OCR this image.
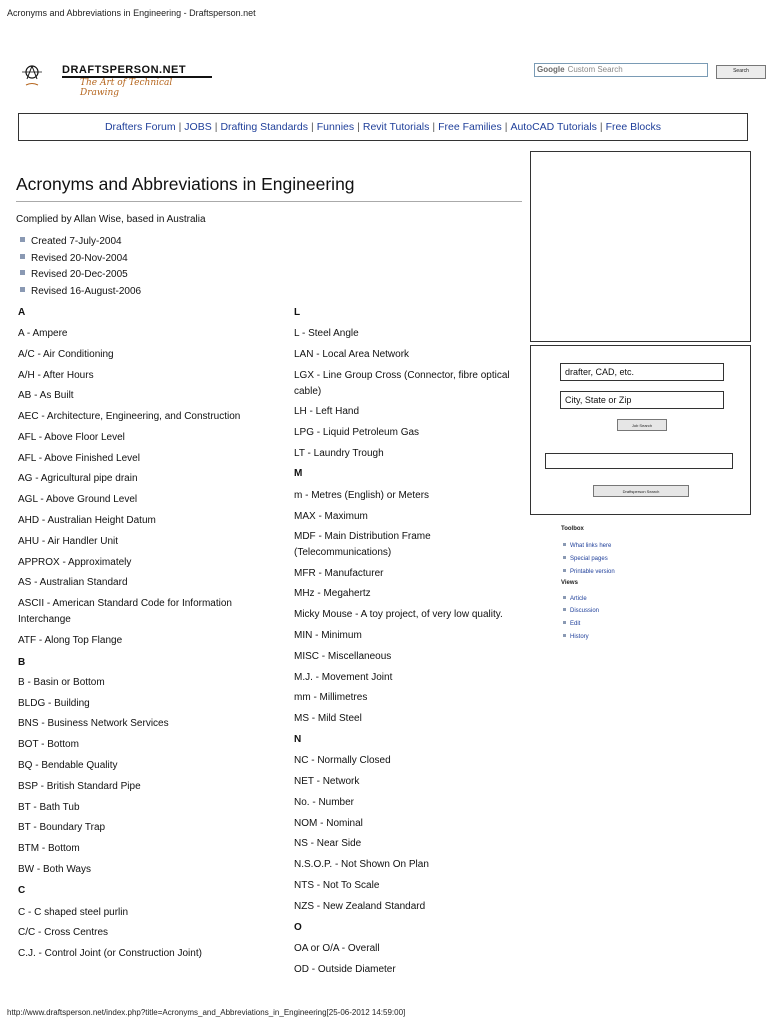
Acronyms and Abbreviations in Engineering - Draftsperson.net
DRAFTSPERSON.NET
The Art of Technical Drawing
Google Custom Search	Search
Drafters Forum | JOBS | Drafting Standards | Funnies | Revit Tutorials | Free Families | AutoCAD Tutorials | Free Blocks
Acronyms and Abbreviations in Engineering
Complied by Allan Wise, based in Australia
Created 7-July-2004
Revised 20-Nov-2004
Revised 20-Dec-2005
Revised 16-August-2006
A
A - Ampere
A/C - Air Conditioning
A/H - After Hours
AB - As Built
AEC - Architecture, Engineering, and Construction
AFL - Above Floor Level
AFL - Above Finished Level
AG - Agricultural pipe drain
AGL - Above Ground Level
AHD - Australian Height Datum
AHU - Air Handler Unit
APPROX - Approximately
AS - Australian Standard
ASCII - American Standard Code for Information Interchange
ATF - Along Top Flange
B
B - Basin or Bottom
BLDG - Building
BNS - Business Network Services
BOT - Bottom
BQ - Bendable Quality
BSP - British Standard Pipe
BT - Bath Tub
BT - Boundary Trap
BTM - Bottom
BW - Both Ways
C
C - C shaped steel purlin
C/C - Cross Centres
C.J. - Control Joint (or Construction Joint)
L
L - Steel Angle
LAN - Local Area Network
LGX - Line Group Cross (Connector, fibre optical cable)
LH - Left Hand
LPG - Liquid Petroleum Gas
LT - Laundry Trough
M
m - Metres (English) or Meters
MAX - Maximum
MDF - Main Distribution Frame (Telecommunications)
MFR - Manufacturer
MHz - Megahertz
Micky Mouse - A toy project, of very low quality.
MIN - Minimum
MISC - Miscellaneous
M.J. - Movement Joint
mm - Millimetres
MS - Mild Steel
N
NC - Normally Closed
NET - Network
No. - Number
NOM - Nominal
NS - Near Side
N.S.O.P. - Not Shown On Plan
NTS - Not To Scale
NZS - New Zealand Standard
O
OA or O/A - Overall
OD - Outside Diameter
drafter, CAD, etc.
City, State or Zip
Job Search
Draftsperson Search
Toolbox
What links here
Special pages
Printable version
Views
Article
Discussion
Edit
History
http://www.draftsperson.net/index.php?title=Acronyms_and_Abbreviations_in_Engineering[25-06-2012 14:59:00]
